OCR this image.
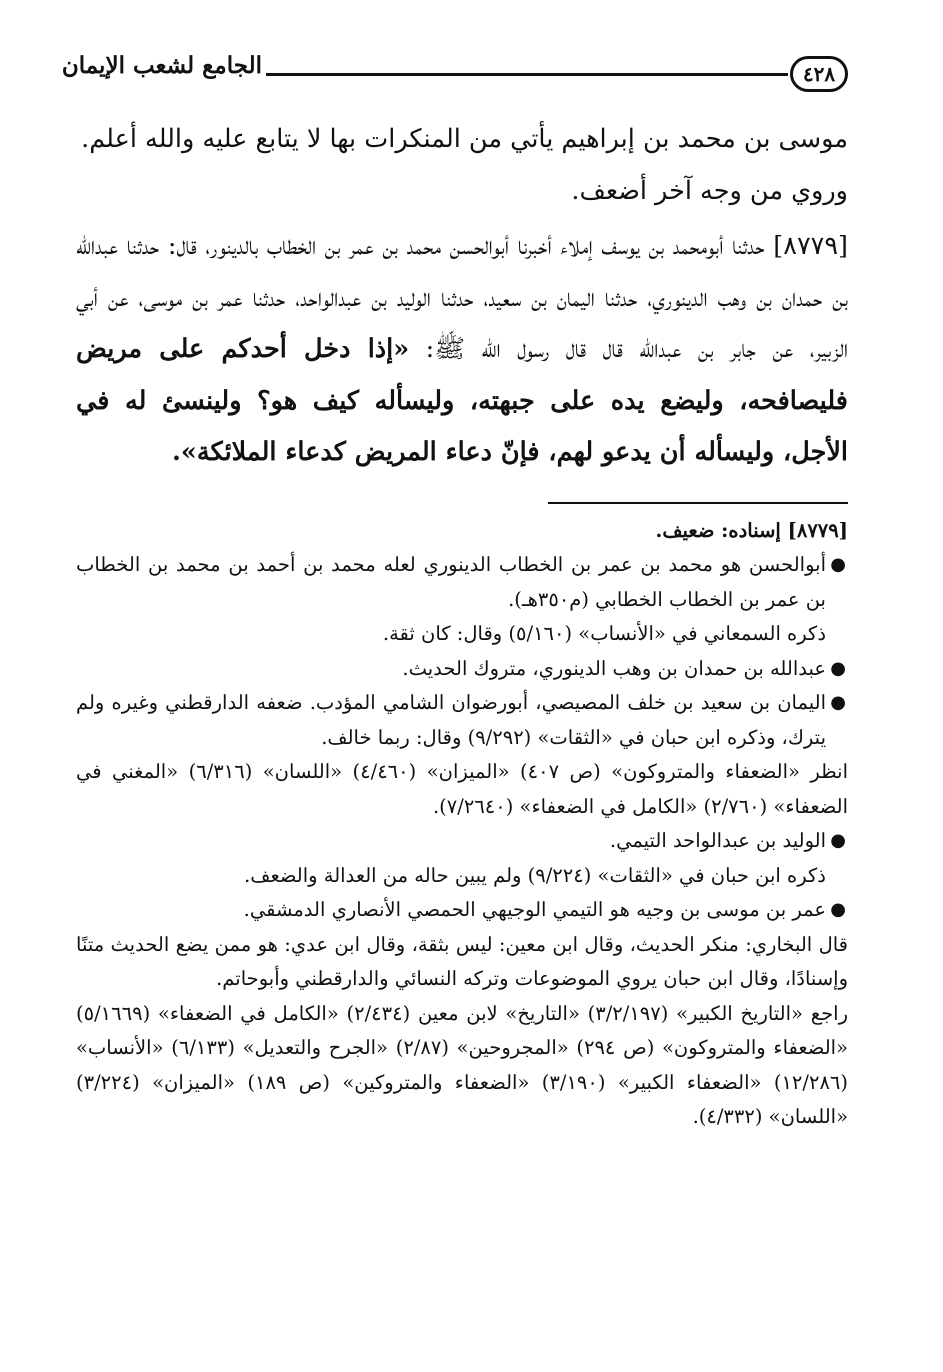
٤٢٨
الجامع لشعب الإيمان

موسى بن محمد بن إبراهيم يأتي من المنكرات بها لا يتابع عليه والله أعلم.

وروي من وجه آخر أضعف.

[٨٧٧٩] حدثنا أبومحمد بن يوسف إملاء أخبرنا أبوالحسن محمد بن عمر بن الخطاب بالدينور، قال: حدثنا عبدالله بن حمدان بن وهب الدينوري، حدثنا اليمان بن سعيد، حدثنا الوليد بن عبدالواحد، حدثنا عمر بن موسى، عن أبي الزبير، عن جابر بن عبدالله قال قال رسول الله ﷺ: «إذا دخل أحدكم على مريض فليصافحه، وليضع يده على جبهته، وليسأله كيف هو؟ ولينسئ له في الأجل، وليسأله أن يدعو لهم، فإنّ دعاء المريض كدعاء الملائكة».

[٨٧٧٩] إسناده: ضعيف.

●
أبوالحسن هو محمد بن عمر بن الخطاب الدينوري لعله محمد بن أحمد بن محمد بن الخطاب بن عمر بن الخطاب الخطابي (م٣٥٠هـ).

ذكره السمعاني في «الأنساب» (٥/١٦٠) وقال: كان ثقة.

●
عبدالله بن حمدان بن وهب الدينوري، متروك الحديث.

●
اليمان بن سعيد بن خلف المصيصي، أبورضوان الشامي المؤدب. ضعفه الدارقطني وغيره ولم يترك، وذكره ابن حبان في «الثقات» (٩/٢٩٢) وقال: ربما خالف.

انظر «الضعفاء والمتروكون» (ص ٤٠٧) «الميزان» (٤/٤٦٠) «اللسان» (٦/٣١٦) «المغني في الضعفاء» (٢/٧٦٠) «الكامل في الضعفاء» (٧/٢٦٤٠).

●
الوليد بن عبدالواحد التيمي.

ذكره ابن حبان في «الثقات» (٩/٢٢٤) ولم يبين حاله من العدالة والضعف.

●
عمر بن موسى بن وجيه هو التيمي الوجيهي الحمصي الأنصاري الدمشقي.

قال البخاري: منكر الحديث، وقال ابن معين: ليس بثقة، وقال ابن عدي: هو ممن يضع الحديث متنًا وإسنادًا، وقال ابن حبان يروي الموضوعات وتركه النسائي والدارقطني وأبوحاتم.

راجع «التاريخ الكبير» (٣/٢/١٩٧) «التاريخ» لابن معين (٢/٤٣٤) «الكامل في الضعفاء» (٥/١٦٦٩) «الضعفاء والمتروكون» (ص ٢٩٤) «المجروحين» (٢/٨٧) «الجرح والتعديل» (٦/١٣٣) «الأنساب» (١٢/٢٨٦) «الضعفاء الكبير» (٣/١٩٠) «الضعفاء والمتروكين» (ص ١٨٩) «الميزان» (٣/٢٢٤) «اللسان» (٤/٣٣٢).
